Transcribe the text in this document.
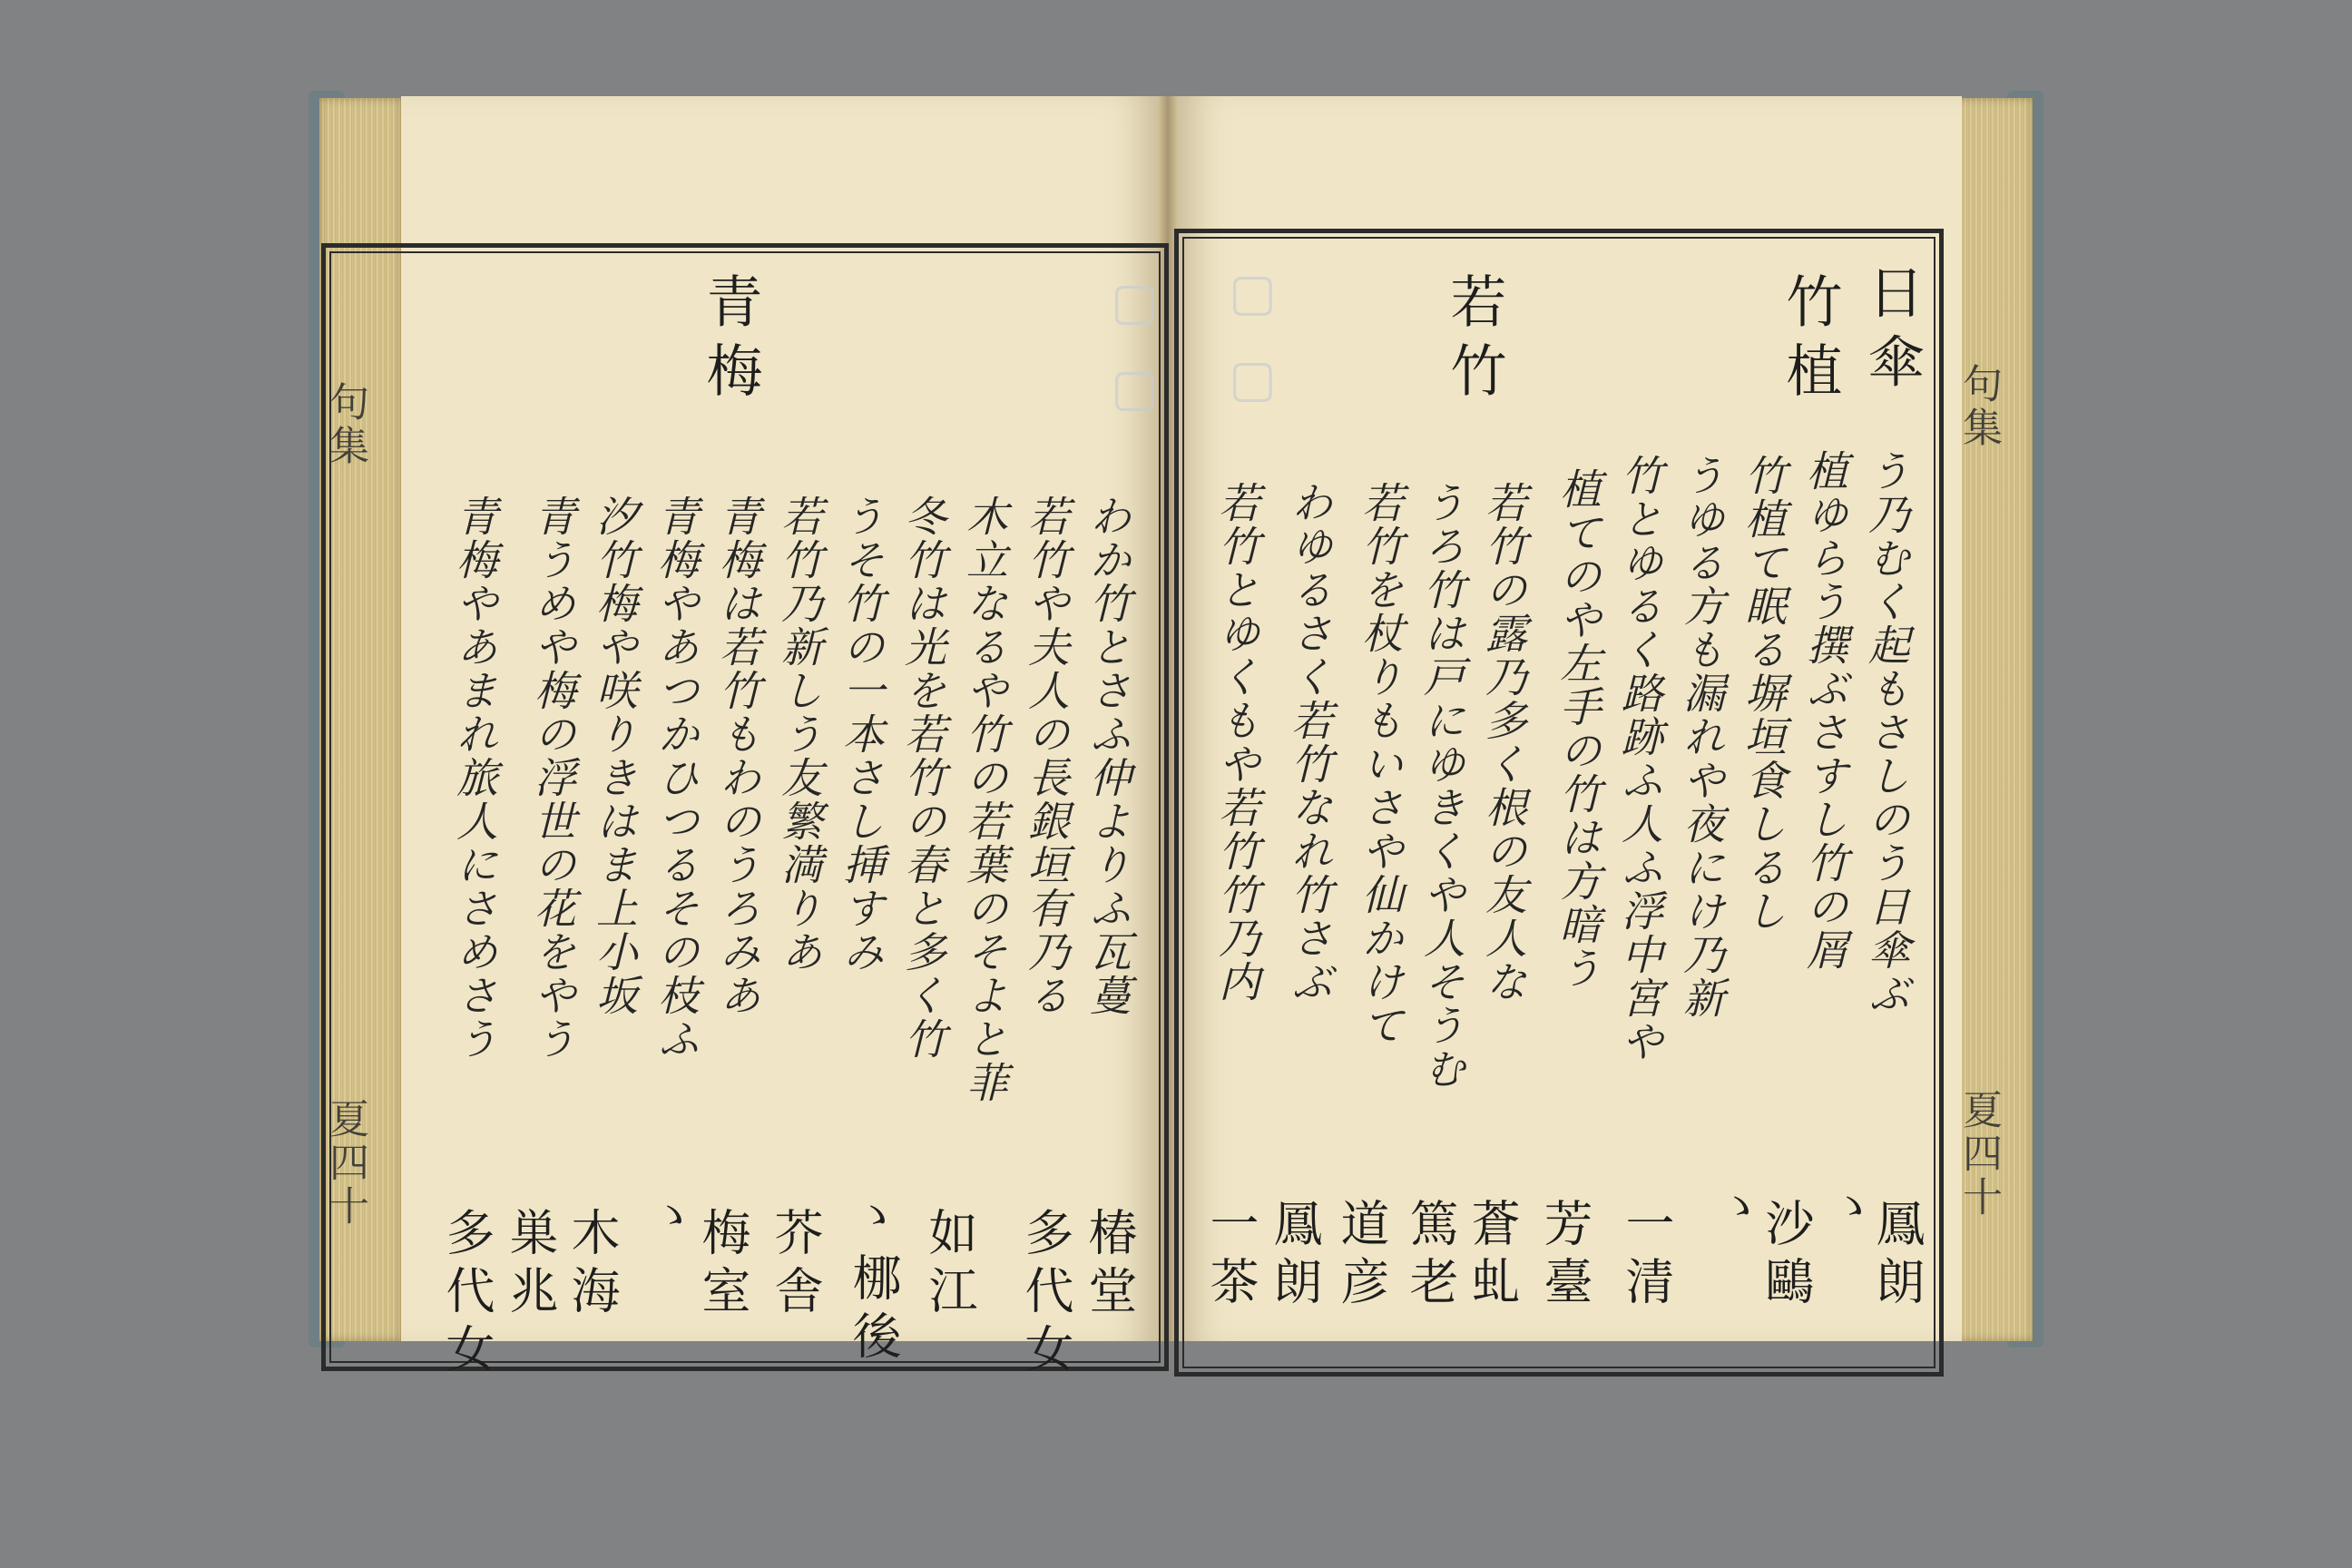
句集
夏四十
句集
夏四十
▢▢
▢▢
青梅
わか竹とさふ仲よりふ瓦蔓
若竹や夫人の長銀垣有乃る
木立なるや竹の若葉のそよと菲
冬竹は光を若竹の春と多く竹
うそ竹の一本さし挿すみ
若竹乃新しう友繁満りあ
青梅は若竹もわのうろみあ
青梅やあつかひつるその枝ふ
汐竹梅や咲りきはま上小坂
青うめや梅の浮世の花をやう
青梅やあまれ旅人にさめさう
椿堂
多代女
如江
ゝ
梛後
芥舎
梅室
ゝ
木海
巣兆
多代女
日傘
竹植
若竹
う乃むく起もさしのう日傘ぶ
植ゆらう撰ぶさすし竹の屑
竹植て眠る塀垣食しるし
うゆる方も漏れや夜にけ乃新
竹とゆるく路跡ふ人ふ浮中宮や
植てのや左手の竹は方暗う
若竹の露乃多く根の友人な
うろ竹は戸にゆきくや人そうむ
若竹を杖りもいさや仙かけて
わゆるさく若竹なれ竹さぶ
若竹とゆくもや若竹竹乃内
鳳朗
ゝ
沙鷗
ゝ
一清
芳臺
蒼虬
篤老
道彦
鳳朗
一茶
